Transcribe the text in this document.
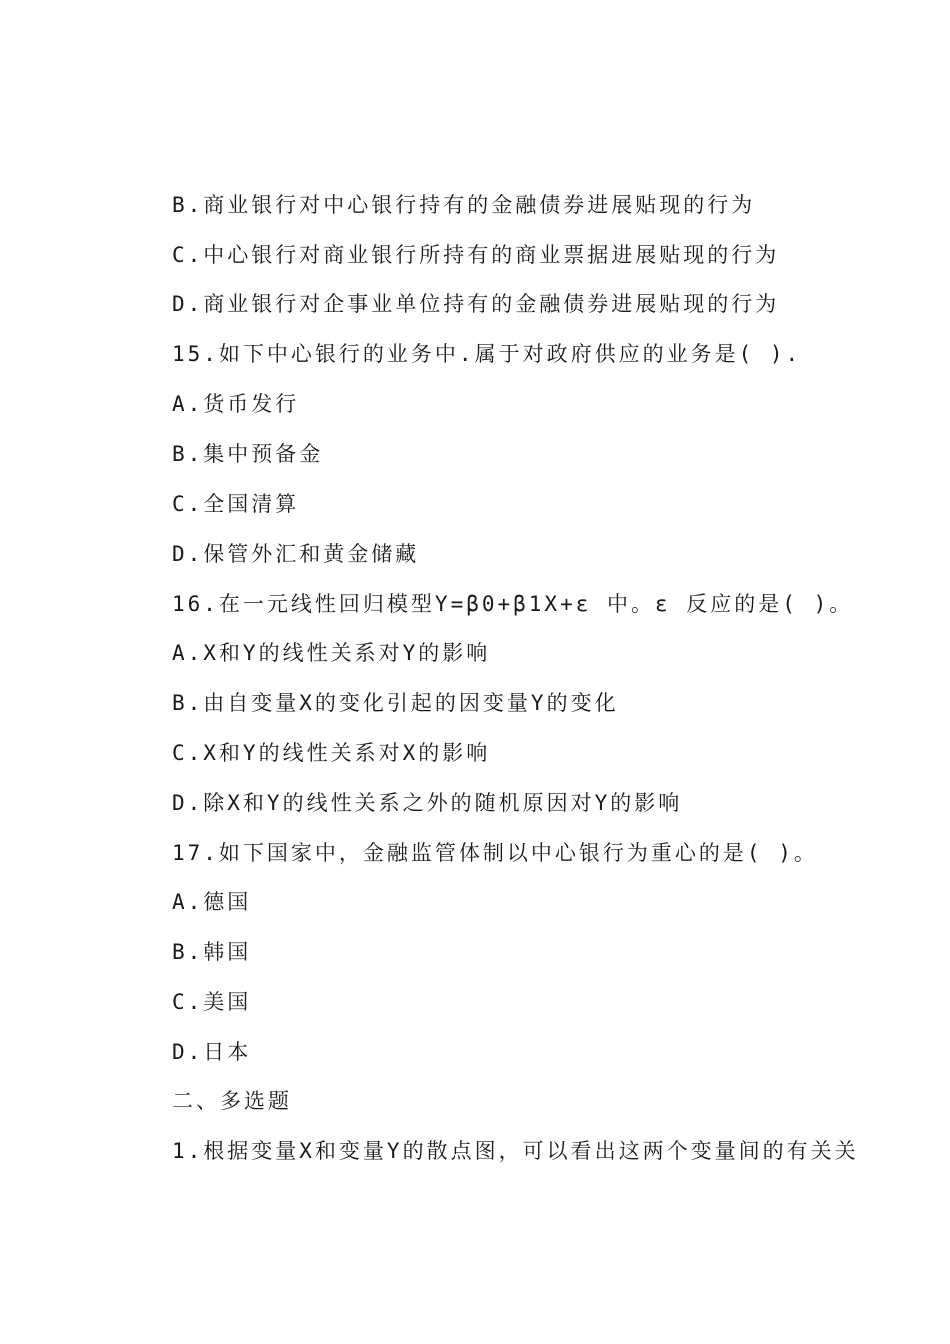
B.商业银行对中心银行持有的金融债券进展贴现的行为
C.中心银行对商业银行所持有的商业票据进展贴现的行为
D.商业银行对企事业单位持有的金融债券进展贴现的行为
15.如下中心银行的业务中.属于对政府供应的业务是( ).
A.货币发行
B.集中预备金
C.全国清算
D.保管外汇和黄金储藏
16.在一元线性回归模型Y=β0+β1X+ε 中。ε 反应的是( )。
A.X和Y的线性关系对Y的影响
B.由自变量X的变化引起的因变量Y的变化
C.X和Y的线性关系对X的影响
D.除X和Y的线性关系之外的随机原因对Y的影响
17.如下国家中，金融监管体制以中心银行为重心的是( )。
A.德国
B.韩国
C.美国
D.日本
二、多选题
1.根据变量X和变量Y的散点图，可以看出这两个变量间的有关关
